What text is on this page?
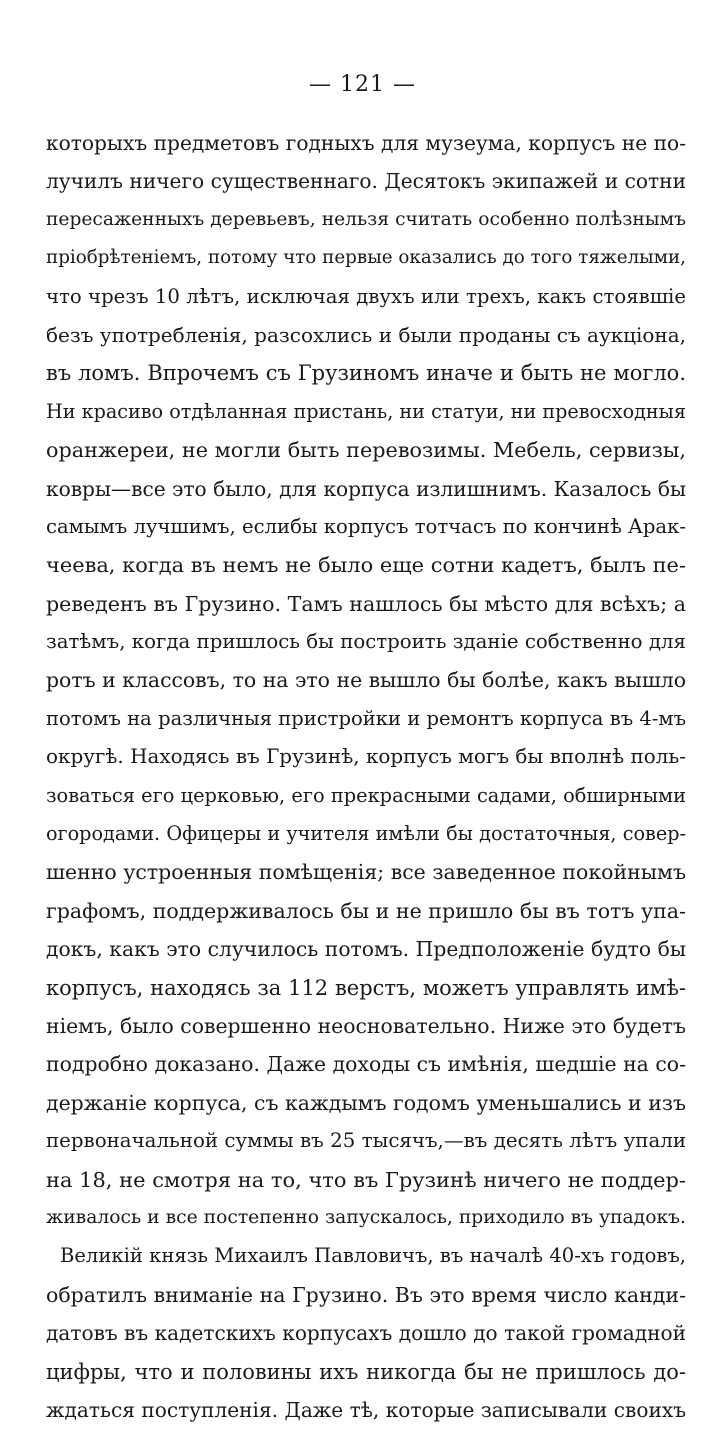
— 121 —
которыхъ предметовъ годныхъ для музеума, корпусъ не по-
лучилъ ничего существеннаго. Десятокъ экипажей и сотни
пересаженныхъ деревьевъ, нельзя считать особенно полѣзнымъ
пріобрѣтеніемъ, потому что первые оказались до того тяжелыми,
что чрезъ 10 лѣтъ, исключая двухъ или трехъ, какъ стоявшіе
безъ употребленія, разсохлись и были проданы съ аукціона,
въ ломъ. Впрочемъ съ Грузиномъ иначе и быть не могло.
Ни красиво отдѣланная пристань, ни статуи, ни превосходныя
оранжереи, не могли быть перевозимы. Мебель, сервизы,
ковры—все это было, для корпуса излишнимъ. Казалось бы
самымъ лучшимъ, еслибы корпусъ тотчасъ по кончинѣ Арак-
чеева, когда въ немъ не было еще сотни кадетъ, былъ пе-
реведенъ въ Грузино. Тамъ нашлось бы мѣсто для всѣхъ; а
затѣмъ, когда пришлось бы построить зданіе собственно для
ротъ и классовъ, то на это не вышло бы болѣе, какъ вышло
потомъ на различныя пристройки и ремонтъ корпуса въ 4-мъ
округѣ. Находясь въ Грузинѣ, корпусъ могъ бы вполнѣ поль-
зоваться его церковью, его прекрасными садами, обширными
огородами. Офицеры и учителя имѣли бы достаточныя, совер-
шенно устроенныя помѣщенія; все заведенное покойнымъ
графомъ, поддерживалось бы и не пришло бы въ тотъ упа-
докъ, какъ это случилось потомъ. Предположеніе будто бы
корпусъ, находясь за 112 верстъ, можетъ управлять имѣ-
ніемъ, было совершенно неосновательно. Ниже это будетъ
подробно доказано. Даже доходы съ имѣнія, шедшіе на со-
держаніе корпуса, съ каждымъ годомъ уменьшались и изъ
первоначальной суммы въ 25 тысячъ,—въ десять лѣтъ упали
на 18, не смотря на то, что въ Грузинѣ ничего не поддер-
живалось и все постепенно запускалось, приходило въ упадокъ.
Великій князь Михаилъ Павловичъ, въ началѣ 40-хъ годовъ,
обратилъ вниманіе на Грузино. Въ это время число канди-
датовъ въ кадетскихъ корпусахъ дошло до такой громадной
цифры, что и половины ихъ никогда бы не пришлось до-
ждаться поступленія. Даже тѣ, которые записывали своихъ
